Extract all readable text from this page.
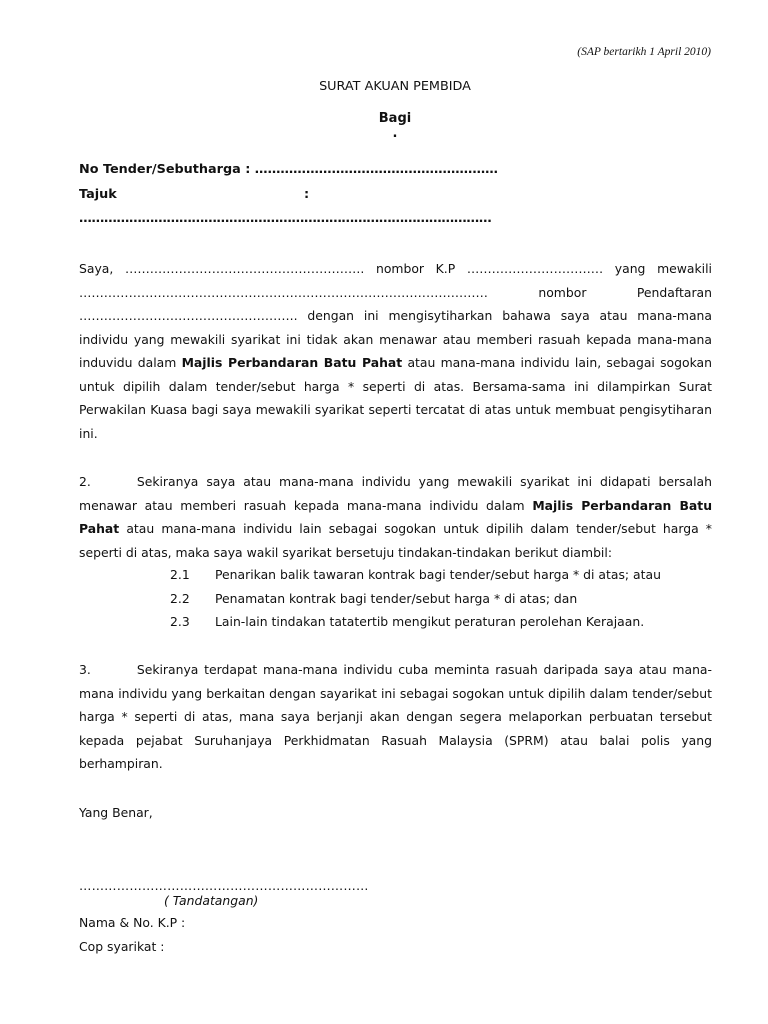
(SAP bertarikh 1 April 2010)
SURAT AKUAN PEMBIDA
Bagi
.
No Tender/Sebutharga : …………………………………………………
Tajuk	:
………………………………………………………………………………………

Saya, …………………………………………………. nombor K.P …………………………… yang mewakili

……………………………………………………………………………………… nombor Pendaftaran

…………………………………………….. dengan ini mengisytiharkan bahawa saya atau mana-mana individu yang mewakili syarikat ini tidak akan menawar atau memberi rasuah kepada mana-mana induvidu dalam Majlis Perbandaran Batu Pahat atau mana-mana individu lain, sebagai sogokan untuk dipilih dalam tender/sebut harga * seperti di atas. Bersama-sama ini dilampirkan Surat Perwakilan Kuasa bagi saya mewakili syarikat seperti tercatat di atas untuk membuat pengisytiharan ini.

2.	Sekiranya saya atau mana-mana individu yang mewakili syarikat ini didapati bersalah menawar atau memberi rasuah kepada mana-mana individu dalam Majlis Perbandaran Batu Pahat atau mana-mana individu lain sebagai sogokan untuk dipilih dalam tender/sebut harga * seperti di atas, maka saya wakil syarikat bersetuju tindakan-tindakan berikut diambil:

2.1 Penarikan balik tawaran kontrak bagi tender/sebut harga * di atas; atau
2.2 Penamatan kontrak bagi tender/sebut harga * di atas; dan
2.3 Lain-lain tindakan tatatertib mengikut peraturan perolehan Kerajaan.

3.	Sekiranya terdapat mana-mana individu cuba meminta rasuah daripada saya atau mana-mana individu yang berkaitan dengan sayarikat ini sebagai sogokan untuk dipilih dalam tender/sebut harga * seperti di atas, mana saya berjanji akan dengan segera melaporkan perbuatan tersebut kepada pejabat Suruhanjaya Perkhidmatan Rasuah Malaysia (SPRM) atau balai polis yang berhampiran.

Yang Benar,
……………………………………………………………
( Tandatangan)
Nama & No. K.P :
Cop syarikat :
